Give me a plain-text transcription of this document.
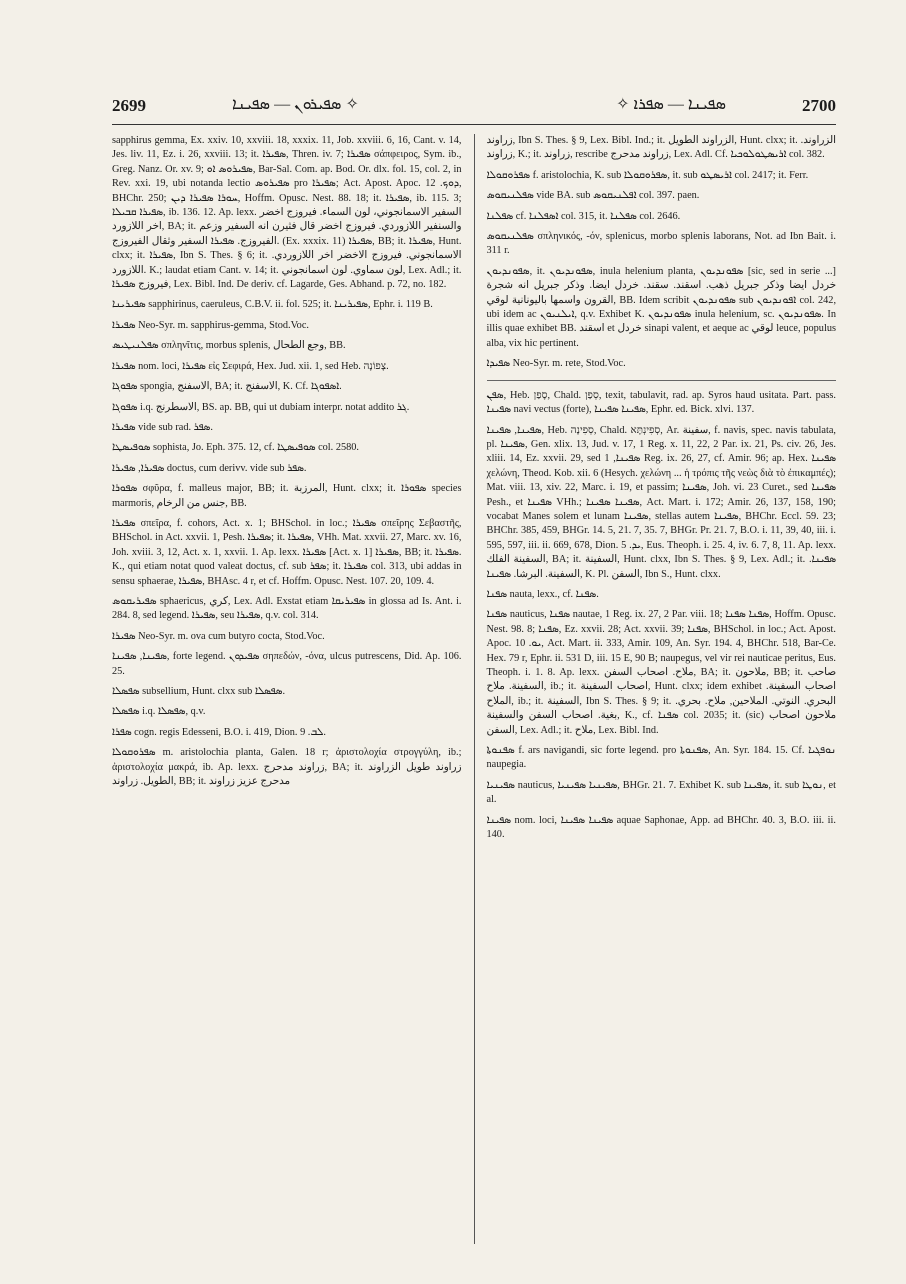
2699	ܣܦܝܪܘܢ — ܣܦܝܢܐ ✧	✧ ܣܦܝܢܐ — ܣܦܪܐ	2700

sapphirus gemma, Ex. xxiv. 10, xxviii. 18, xxxix. 11, Job. xxviii. 6, 16, Cant. v. 14, Jes. liv. 11, Ez. i. 26, xxviii. 13; it. ܣܦܝܪܐ, Thren. iv. 7; ܣܦܝܪܐ σάπφειρος, Sym. ib., Greg. Nanz. Or. xv. 9; ܣܦܝܪܘܣ ܐܘ, Bar-Sal. Com. ap. Bod. Or. dlx. fol. 15, col. 2, in Rev. xxi. 19, ubi notanda lectio ܣܦܝܪܘܣ pro ܣܦܝܪܐ; Act. Apost. Apoc. ܕܘܟ. 12, BHChr. 250; ܚܘܪܐ ܣܦܝܪܐ ܕܝܢ, Hoffm. Opusc. Nest. 88. 18; it. ܣܦܝܪܐ, ib. 115. 3; ܣܦܝܪܐ ܩܒܝܠܐ, ib. 136. 12. Ap. lexx. السفير الاسمانجوني، لون السماء. فيروزج اخضر اخر اللازورد, BA; it. والسنفير اللازوردي. فيروزج اخضر قال فثيرن انه السفير وزعم الفيروزج. ܣܦܝܪܐ السفير وثقال الفيروزج. (Ex. xxxix. 11) ܣܦܝܪܐ, BB; it. ܣܦܝܪܐ, Hunt. clxx; it. ܣܦܝܪܐ, Ibn S. Thes. § 6; it. الاسمانجوني. فيروزج الاخضر اخر اللازوردي. اللازورد. K.; laudat etiam Cant. v. 14; it. لون سماوي. لون اسمانجوني, Lex. Adl.; it. فيروزج ܣܦܝܪܐ, Lex. Bibl. Ind. De deriv. cf. Lagarde, Ges. Abhand. p. 72, no. 182.

ܣܦܝܪܝܢܐ sapphirinus, caeruleus, C.B.V. ii. fol. 525; it. ܣܦܝܪܝܢܐ, Ephr. i. 119 B.

ܣܦܝܪܐ Neo-Syr. m. sapphirus-gemma, Stod.Voc.

ܣܦܠܢܝܛܝܣ σπληνῖτις, morbus splenis, وجع الطحال, BB.

ܣܦܝܪܐ nom. loci, ܣܦܝܪܐ εἰς Σεφιρά, Hex. Jud. xii. 1, sed Heb. צָפוֹנָה.

ܣܦܘܓܐ spongia, الاسفنج, BA; it. الاسفنج, K. Cf. ܐܣܦܘܓܐ.

ܣܦܘܓܐ i.q. الاسطرنج, BS. ap. BB, qui ut dubiam interpr. notat addito ܓܪ.

ܣܦܝܪܐ vide sub rad. ܣܦܪ.

ܣܘܦܝܣܛܐ sophista, Jo. Eph. 375. 12, cf. ܣܘܦܝܣܛܐ col. 2580.

ܣܦܝܪܐ, ܣܦܝܪܐ doctus, cum derivv. vide sub ܣܦܪ.

ܣܦܘܪܐ σφῦρα, f. malleus major, BB; it. المرزبة, Hunt. clxx; it. ܣܦܘܪܐ species marmoris, جنس من الرخام, BB.

ܣܦܝܪܐ σπεῖρα, f. cohors, Act. x. 1; BHSchol. in loc.; ܣܦܝܪܐ σπεῖρης Σεβαστῆς, BHSchol. in Act. xxvii. 1, Pesh. ܣܦܝܪܐ; it. ܣܦܝܪܐ, VHh. Mat. xxvii. 27, Marc. xv. 16, Joh. xviii. 3, 12, Act. x. 1, xxvii. 1. Ap. lexx. ܣܦܝܪܐ [Act. x. 1] ܣܦܝܪܐ, BB; it. ܣܦܝܪܐ. K., qui etiam notat quod valeat doctus, cf. sub ܣܦܪ; it. ܣܦܝܪܐ col. 313, ubi addas in sensu sphaerae, ܣܦܝܪܐ, BHAsc. 4 r, et cf. Hoffm. Opusc. Nest. 107. 20, 109. 4.

ܣܦܝܪܝܩܘܣ sphaericus, كري, Lex. Adl. Exstat etiam ܣܦܝܪܝܩܐ in glossa ad Is. Ant. i. 284. 8, sed legend. ܣܦܝܪܐ, seu ܣܦܝܪܐ, q.v. col. 314.

ܣܦܝܪܐ Neo-Syr. m. ova cum butyro cocta, Stod.Voc.

ܣܦܝܢܐ, ܣܦܝܢܐ, forte legend. ܣܦܝܕܘܢ σηπεδών, -όνα, ulcus putrescens, Did. Ap. 106. 25.

ܣܦܣܠܐ subsellium, Hunt. clxx sub ܣܦܣܠܐ.

ܣܦܣܠܐ i.q. ܣܦܣܠܐ, q.v.

ܣܦܪܐ cogn. regis Edesseni, B.O. i. 419, Dion. ܠܒ. 9.

ܣܦܪܘܩܘܠܐ m. aristolochia planta, Galen. 18 r; ἀριστολοχία στρογγύλη, ib.; ἀριστολοχία μακρά, ib. Ap. lexx. زراوند مدحرج, BA; it. زراوند طويل الزراوند الطويل. زراوند, BB; it. مدحرج عزيز زراوند

زراوند, Ibn S. Thes. § 9, Lex. Bibl. Ind.; it. الزراوند الطويل, Hunt. clxx; it. الزراوند. زراوند, K.; it. زراوند, rescribe زراوند مدحرج, Lex. Adl. Cf. ܐܪܝܣܛܘܠܘܟܝܐ col. 382.

ܣܦܪܘܩܘܠܐ f. aristolochia, K. sub ܣܦܪܘܩܘܠܐ, it. sub ܐܪܝܣܛܘ col. 2417; it. Ferr.

ܣܦܠܢܝܩܘܣ vide BA. sub ܐܦܠܢܝܩܘܣ col. 397. paen.

ܣܦܠܢܐ cf. ܐܣܦܠܢܐ col. 315, it. ܣܦܠܢܐ col. 2646.

ܣܦܠܢܝܩܘܣ σπληνικός, -όν, splenicus, morbo splenis laborans, Not. ad Ibn Bait. i. 311 r.

ܣܦܘܢܕܝܘܢ, it. ܣܦܘܢܕܝܘܢ, inula helenium planta, ܣܦܘܢܕܝܘܢ [sic, sed in serie ...] خردل ايضا وذكر جبريل ذهب. اسقند. سقند. خردل ايضا. وذكر جبريل انه شجرة القرون واسمها باليونانية لوقي, BB. Idem scribit ܣܦܘܢܕܝܘܢ sub ܐܦܘܢܕܝܘܢ col. 242, ubi idem ac ܐܝܠܢܝܘܢ, q.v. Exhibet K. ܣܦܘܢܕܝܘܢ inula helenium, sc. ܣܦܘܢܕܝܘܢ. In illis quae exhibet BB. اسقند et خردل sinapi valent, et aeque ac لوقي leuce, populus alba, vix hic pertinent.

ܣܦܝܕܐ Neo-Syr. m. rete, Stod.Voc.

ܣܦܢ, Heb. סָפַן, Chald. סְפַן, texit, tabulavit, rad. ap. Syros haud usitata. Part. pass. ܣܦܝܢܐ navi vectus (forte), ܣܦܝܢܐ ܣܦܝܢܐ, Ephr. ed. Bick. xlvi. 137.

ܣܦܝܢܐ, ܣܦܝܢܐ, Heb. סְפִינָה, Chald. סְפִינְתָּא, Ar. سفينة, f. navis, spec. navis tabulata, pl. ܣܦܝܢܐ, Gen. xlix. 13, Jud. v. 17, 1 Reg. x. 11, 22, 2 Par. ix. 21, Ps. civ. 26, Jes. xliii. 14, Ez. xxvii. 29, sed ܣܦܝܢܐ, 1 Reg. ix. 26, 27, cf. Amir. 96; ap. Hex. ܣܦܝܢܐ χελώνη, Theod. Kob. xii. 6 (Hesych. χελώνη ... ἡ τρόπις τῆς νεὼς διὰ τὸ ἐπικαμπές); Mat. viii. 13, xiv. 22, Marc. i. 19, et passim; ܣܦܝܢܐ, Joh. vi. 23 Curet., sed ܣܦܝܢܐ Pesh., et ܣܦܝܢܐ VHh.; ܣܦܝܢܐ ܣܦܝܢܐ, Act. Mart. i. 172; Amir. 26, 137, 158, 190; vocabat Manes solem et lunam ܣܦܝܢܐ, stellas autem ܣܦܝܢܐ, BHChr. Eccl. 59. 23; BHChr. 385, 459, BHGr. 14. 5, 21. 7, 35. 7, BHGr. Pr. 21. 7, B.O. i. 11, 39, 40, iii. i. 595, 597, iii. ii. 669, 678, Dion. ܝܕ. 5, Eus. Theoph. i. 25. 4, iv. 6. 7, 8, 11. Ap. lexx. السفينة الفلك, BA; it. السفينة, Hunt. clxx, Ibn S. Thes. § 9, Lex. Adl.; it. ܣܦܝܢܐ. السفينة. البرشا. ܣܦܝܢܐ, K. Pl. السفن, Ibn S., Hunt. clxx.

ܣܦܢܐ nauta, lexx., cf. ܣܦܢܐ.

ܣܦܢܐ nauticus, ܣܦܢܐ nautae, 1 Reg. ix. 27, 2 Par. viii. 18; ܣܦܢܐ ܣܦܢܐ, Hoffm. Opusc. Nest. 98. 8; ܣܦܢܐ, Ez. xxvii. 28; Act. xxvii. 39; ܣܦܢܐ, BHSchol. in loc.; Act. Apost. Apoc. ܝܘ. 10, Act. Mart. ii. 333, Amir. 109, An. Syr. 194. 4, BHChr. 518, Bar-Ce. Hex. 79 r, Ephr. ii. 531 D, iii. 15 E, 90 B; naupegus, vel vir rei nauticae peritus, Eus. Theoph. i. 1. 8. Ap. lexx. ملاح. اصحاب السفن, BA; it. ملاحون, BB; it. صاحب السفينة. ملاح, ib.; it. اصحاب السفينة, Hunt. clxx; idem exhibet اصحاب السفينة. الملاح, ib.; it. السفينة, Ibn S. Thes. § 9; it. البحري. النوتي. الملاحين, ملاح. بحري. بغية. اصحاب السفن والسفينة, K., cf. ܣܦܢܐ col. 2035; it. (sic) ملاحون اصحاب السفن, Lex. Adl.; it. ملاح, Lex. Bibl. Ind.

ܣܦܢܘܬܐ f. ars navigandi, sic forte legend. pro ܣܦܢܘܬܐ, An. Syr. 184. 15. Cf. ܢܘܦܓܝܐ naupegia.

ܣܦܝܢܝܐ nauticus, ܣܦܝܢܝܐ ܣܦܝܢܝܐ, BHGr. 21. 7. Exhibet K. sub ܣܦܝܢܐ, it. sub ܢܘܛܐ, et al.

ܣܦܝܢܐ nom. loci, ܣܦܝܢܐ ܣܦܝܢܐ aquae Saphonae, App. ad BHChr. 40. 3, B.O. iii. ii. 140.
